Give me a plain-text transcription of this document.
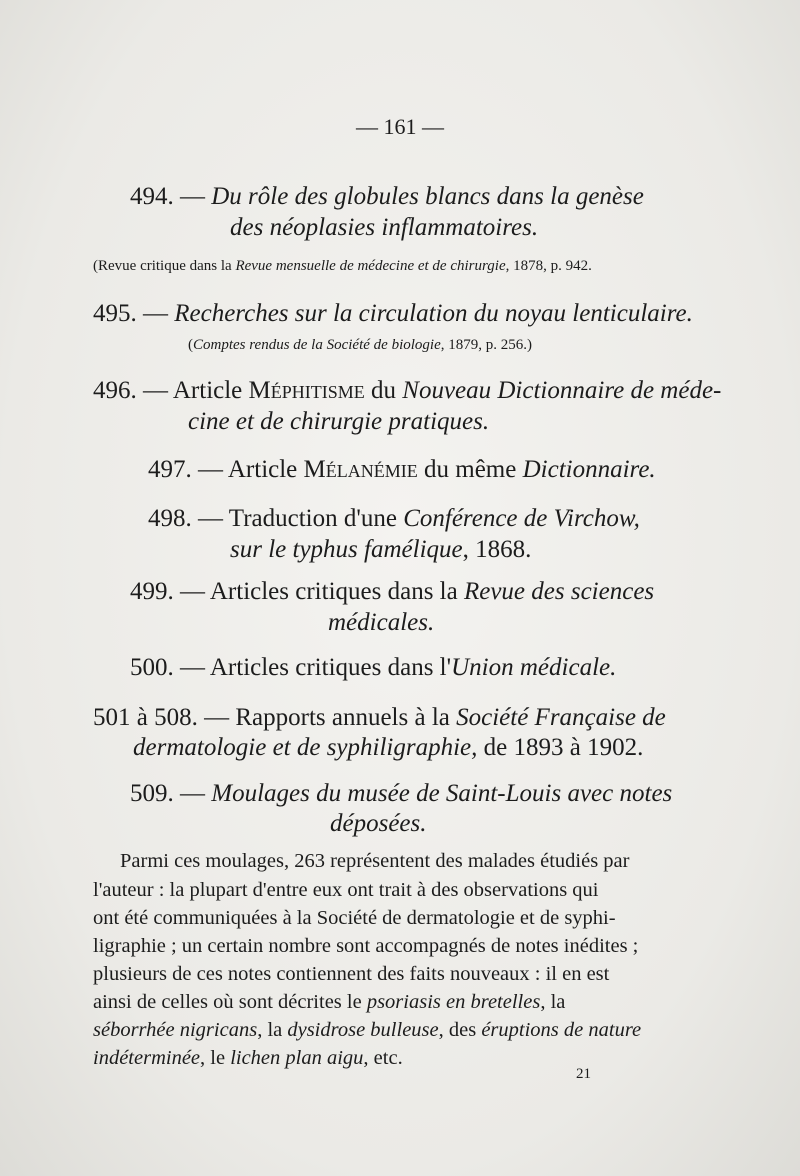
— 161 —
494. — Du rôle des globules blancs dans la genèse
des néoplasies inflammatoires.
(Revue critique dans la Revue mensuelle de médecine et de chirurgie, 1878, p. 942.
495. — Recherches sur la circulation du noyau lenticulaire.
(Comptes rendus de la Société de biologie, 1879, p. 256.)
496. — Article Méphitisme du Nouveau Dictionnaire de méde-
cine et de chirurgie pratiques.
497. — Article Mélanémie du même Dictionnaire.
498. — Traduction d'une Conférence de Virchow,
sur le typhus famélique, 1868.
499. — Articles critiques dans la Revue des sciences
médicales.
500. — Articles critiques dans l'Union médicale.
501 à 508. — Rapports annuels à la Société Française de
dermatologie et de syphiligraphie, de 1893 à 1902.
509. — Moulages du musée de Saint-Louis avec notes
déposées.
Parmi ces moulages, 263 représentent des malades étudiés par
l'auteur : la plupart d'entre eux ont trait à des observations qui
ont été communiquées à la Société de dermatologie et de syphi-
ligraphie ; un certain nombre sont accompagnés de notes inédites ;
plusieurs de ces notes contiennent des faits nouveaux : il en est
ainsi de celles où sont décrites le psoriasis en bretelles, la
séborrhée nigricans, la dysidrose bulleuse, des éruptions de nature
indéterminée, le lichen plan aigu, etc.
21
